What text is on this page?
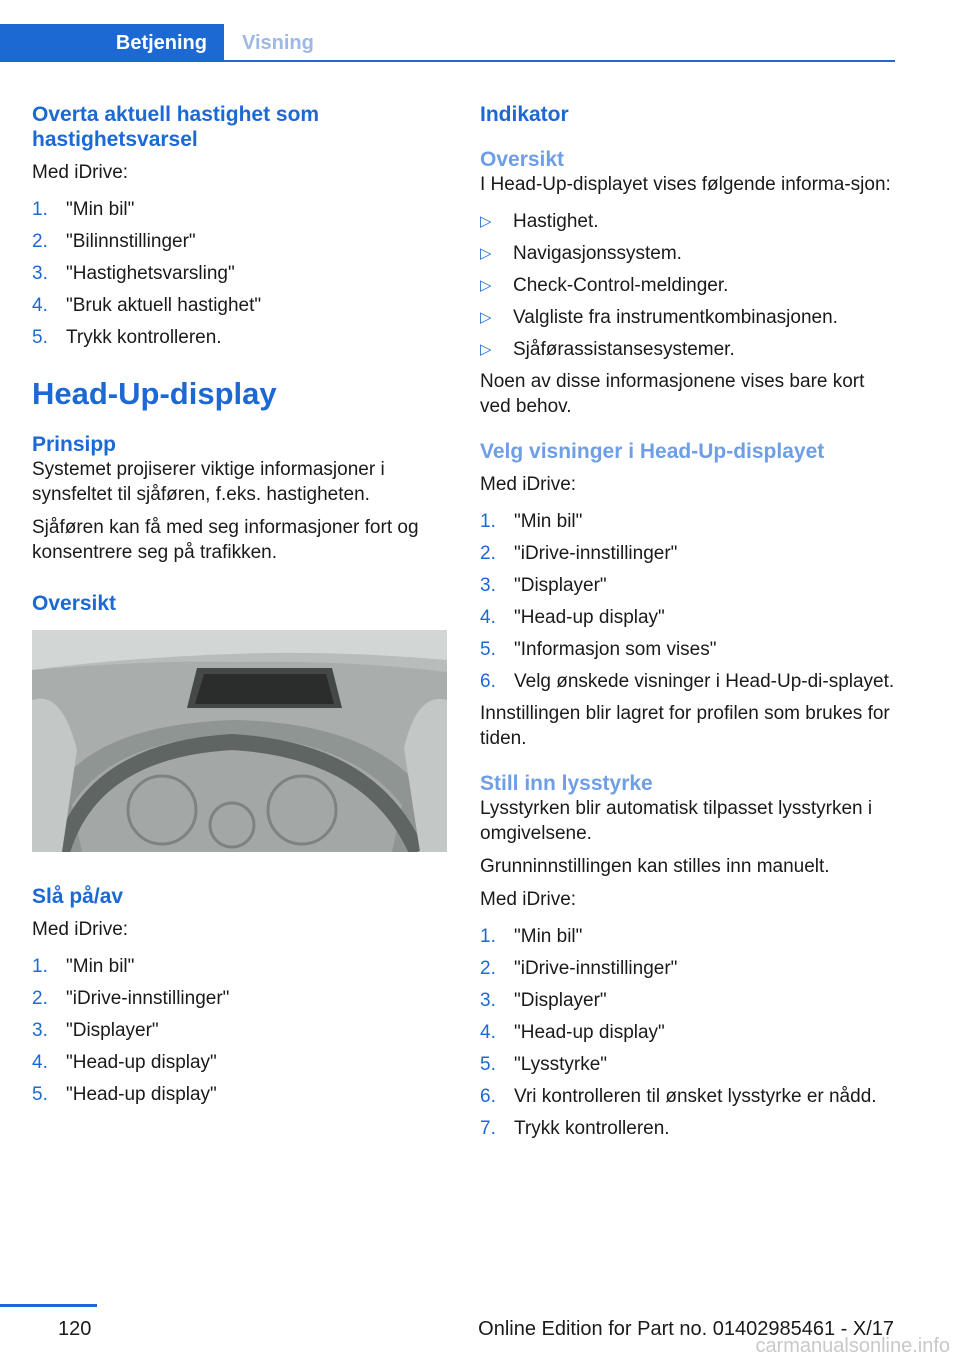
Betjening	Visning
Overta aktuell hastighet som hastighetsvarsel

Med iDrive:

1. "Min bil"
2. "Bilinnstillinger"
3. "Hastighetsvarsling"
4. "Bruk aktuell hastighet"
5. Trykk kontrolleren.
Head-Up-display
Prinsipp

Systemet projiserer viktige informasjoner i synsfeltet til sjåføren, f.eks. hastigheten.

Sjåføren kan få med seg informasjoner fort og konsentrere seg på trafikken.

Oversikt
Slå på/av

Med iDrive:

1. "Min bil"
2. "iDrive-innstillinger"
3. "Displayer"
4. "Head-up display"
5. "Head-up display"
Indikator
Oversikt

I Head-Up-displayet vises følgende informa-sjon:

▷	Hastighet.
▷	Navigasjonssystem.
▷	Check-Control-meldinger.
▷	Valgliste fra instrumentkombinasjonen.
▷	Sjåførassistansesystemer.

Noen av disse informasjonene vises bare kort ved behov.

Velg visninger i Head-Up-displayet

Med iDrive:

1. "Min bil"
2. "iDrive-innstillinger"
3. "Displayer"
4. "Head-up display"
5. "Informasjon som vises"
6. Velg ønskede visninger i Head-Up-di-splayet.

Innstillingen blir lagret for profilen som brukes for tiden.

Still inn lysstyrke

Lysstyrken blir automatisk tilpasset lysstyrken i omgivelsene.

Grunninnstillingen kan stilles inn manuelt.

Med iDrive:

1. "Min bil"
2. "iDrive-innstillinger"
3. "Displayer"
4. "Head-up display"
5. "Lysstyrke"
6. Vri kontrolleren til ønsket lysstyrke er nådd.
7. Trykk kontrolleren.
120	Online Edition for Part no. 01402985461 - X/17
carmanualsonline.info
